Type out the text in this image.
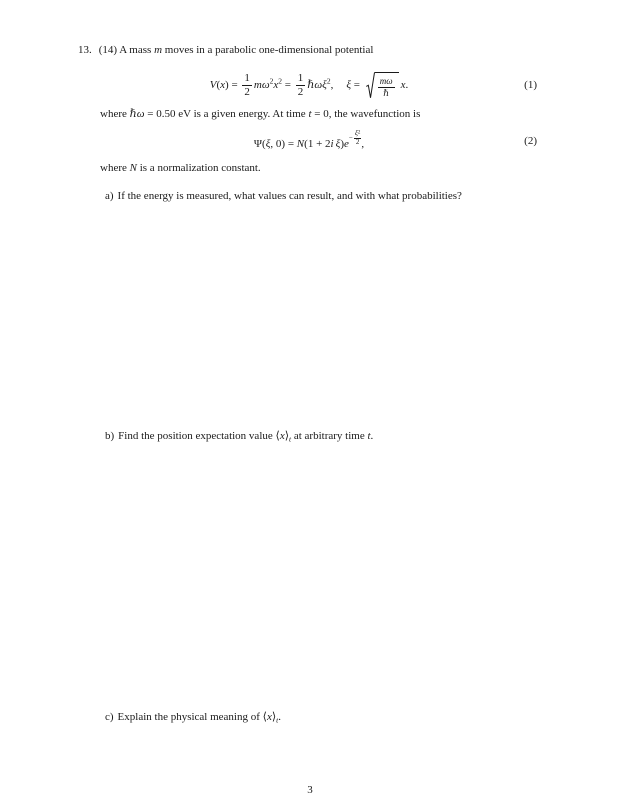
13. (14) A mass m moves in a parabolic one-dimensional potential
$V(x) = \frac{1}{2} m\omega^2x^2 = \frac{1}{2}$ ℏωξ$^2$, $\xi = \frac{m\omega}{\text{ℏ}} x$.	(1)
where ℏω = 0.50 eV is a given energy. At time t = 0, the wavefunction is
Ψ(ξ, 0) = N(1 + 2i $\xi)e - \frac{\xi^2}{2}$ ,	(2)
where N is a normalization constant.
a) If the energy is measured, what values can result, and with what probabilities?
b) Find the position expectation value $⟨x⟩_t$ at arbitrary time t.
c) Explain the physical meaning of $⟨x⟩_t$.
3
